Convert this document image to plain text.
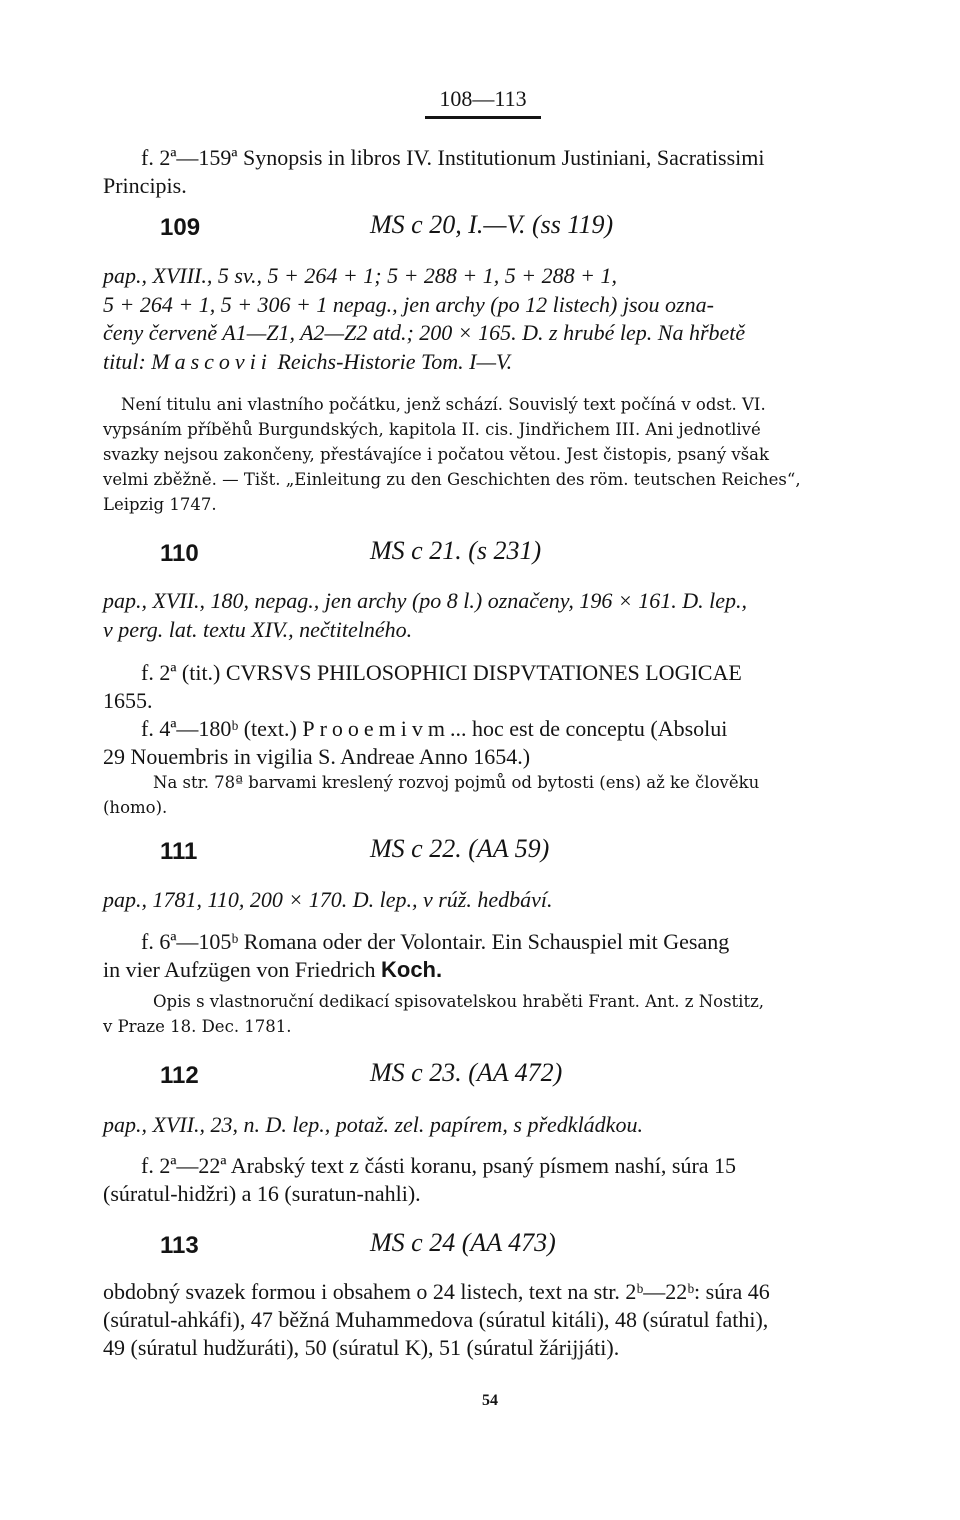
108—113
f. 2ª—159ª Synopsis in libros IV. Institutionum Justiniani, Sacratissimi
Principis.
109	MS c 20, I.—V. (ss 119)
pap., XVIII., 5 sv., 5 + 264 + 1; 5 + 288 + 1, 5 + 288 + 1,
5 + 264 + 1, 5 + 306 + 1 nepag., jen archy (po 12 listech) jsou ozna-
čeny červeně A1—Z1, A2—Z2 atd.; 200 × 165. D. z hrubé lep. Na hřbetě
titul: Mascovii Reichs-Historie Tom. I—V.
Není titulu ani vlastního počátku, jenž schází. Souvislý text počíná v odst. VI.
vypsáním příběhů Burgundských, kapitola II. cis. Jindřichem III. Ani jednotlivé
svazky nejsou zakončeny, přestávajíce i počatou větou. Jest čistopis, psaný však
velmi zběžně. — Tišt. „Einleitung zu den Geschichten des röm. teutschen Reiches“,
Leipzig 1747.
110	MS c 21. (s 231)
pap., XVII., 180, nepag., jen archy (po 8 l.) označeny, 196 × 161. D. lep.,
v perg. lat. textu XIV., nečtitelného.
f. 2ª (tit.) CVRSVS PHILOSOPHICI DISPVTATIONES LOGICAE
1655.
f. 4ª—180ᵇ (text.) Prooemivm... hoc est de conceptu (Absolui
29 Nouembris in vigilia S. Andreae Anno 1654.)
Na str. 78ª barvami kreslený rozvoj pojmů od bytosti (ens) až ke člověku
(homo).
111	MS c 22. (AA 59)
pap., 1781, 110, 200 × 170. D. lep., v rúž. hedbáví.
f. 6ª—105ᵇ Romana oder der Volontair. Ein Schauspiel mit Gesang
in vier Aufzügen von Friedrich Koch.
Opis s vlastnoruční dedikací spisovatelskou hraběti Frant. Ant. z Nostitz,
v Praze 18. Dec. 1781.
112	MS c 23. (AA 472)
pap., XVII., 23, n. D. lep., potaž. zel. papírem, s předkládkou.
f. 2ª—22ª Arabský text z části koranu, psaný písmem nashí, súra 15
(súratul-hidžri) a 16 (suratun-nahli).
113	MS c 24 (AA 473)
obdobný svazek formou i obsahem o 24 listech, text na str. 2ᵇ—22ᵇ: súra 46
(súratul-ahkáfi), 47 běžná Muhammedova (súratul kitáli), 48 (súratul fathi),
49 (súratul hudžuráti), 50 (súratul K), 51 (súratul žárijjáti).
54
